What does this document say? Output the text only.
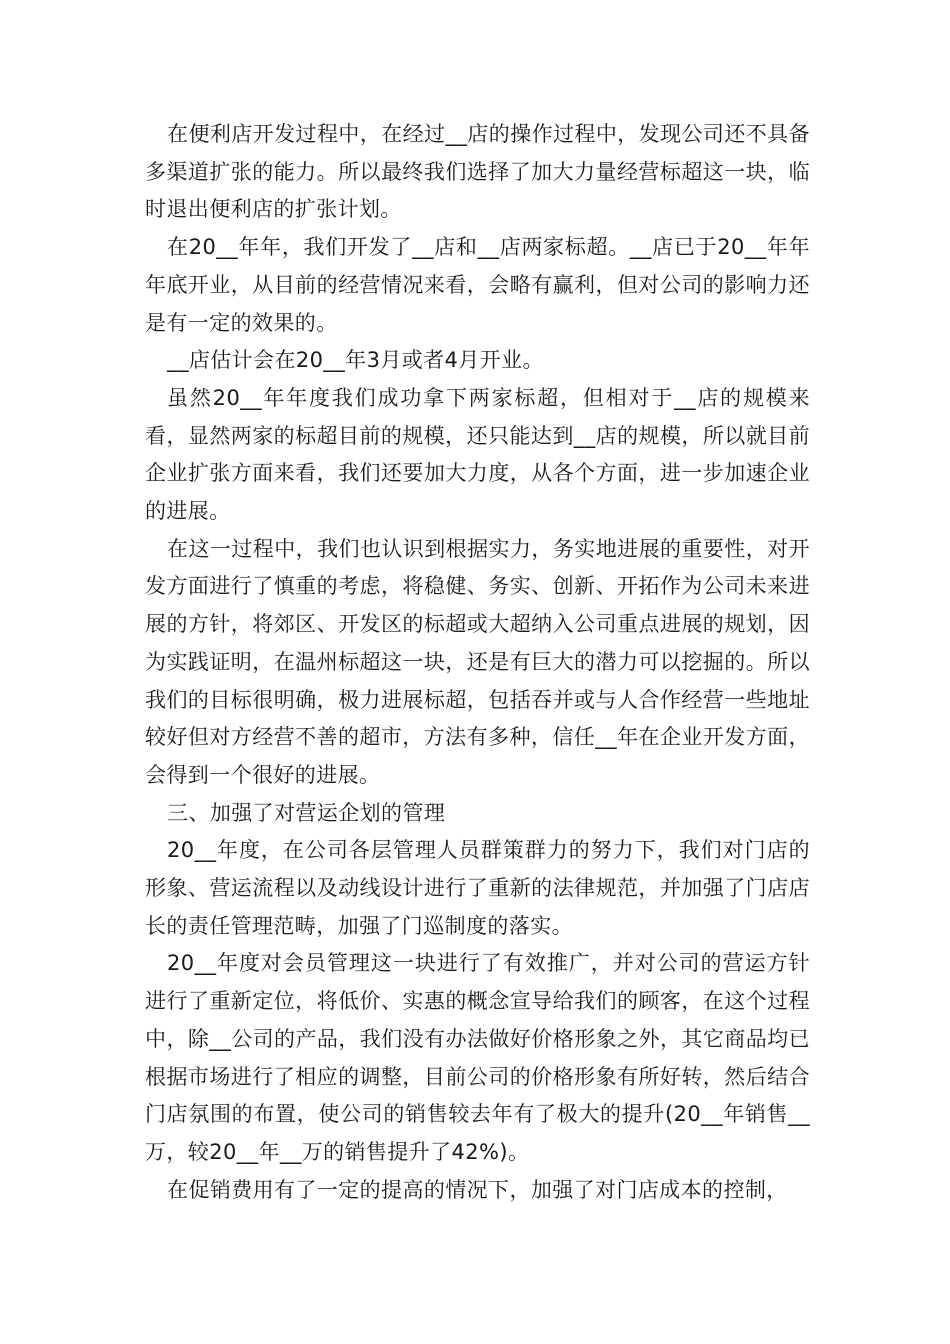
在便利店开发过程中，在经过__店的操作过程中，发现公司还不具备多渠道扩张的能力。所以最终我们选择了加大力量经营标超这一块，临时退出便利店的扩张计划。

在20__年年，我们开发了__店和__店两家标超。__店已于20__年年年底开业，从目前的经营情况来看，会略有赢利，但对公司的影响力还是有一定的效果的。

__店估计会在20__年3月或者4月开业。

虽然20__年年度我们成功拿下两家标超，但相对于__店的规模来看，显然两家的标超目前的规模，还只能达到__店的规模，所以就目前企业扩张方面来看，我们还要加大力度，从各个方面，进一步加速企业的进展。

在这一过程中，我们也认识到根据实力，务实地进展的重要性，对开发方面进行了慎重的考虑，将稳健、务实、创新、开拓作为公司未来进展的方针，将郊区、开发区的标超或大超纳入公司重点进展的规划，因为实践证明，在温州标超这一块，还是有巨大的潜力可以挖掘的。所以我们的目标很明确，极力进展标超，包括吞并或与人合作经营一些地址较好但对方经营不善的超市，方法有多种，信任__年在企业开发方面，会得到一个很好的进展。

三、加强了对营运企划的管理

20__年度，在公司各层管理人员群策群力的努力下，我们对门店的形象、营运流程以及动线设计进行了重新的法律规范，并加强了门店店长的责任管理范畴，加强了门巡制度的落实。

20__年度对会员管理这一块进行了有效推广，并对公司的营运方针进行了重新定位，将低价、实惠的概念宣导给我们的顾客，在这个过程中，除__公司的产品，我们没有办法做好价格形象之外，其它商品均已根据市场进行了相应的调整，目前公司的价格形象有所好转，然后结合门店氛围的布置，使公司的销售较去年有了极大的提升(20__年销售__万，较20__年__万的销售提升了42%)。

在促销费用有了一定的提高的情况下，加强了对门店成本的控制，
